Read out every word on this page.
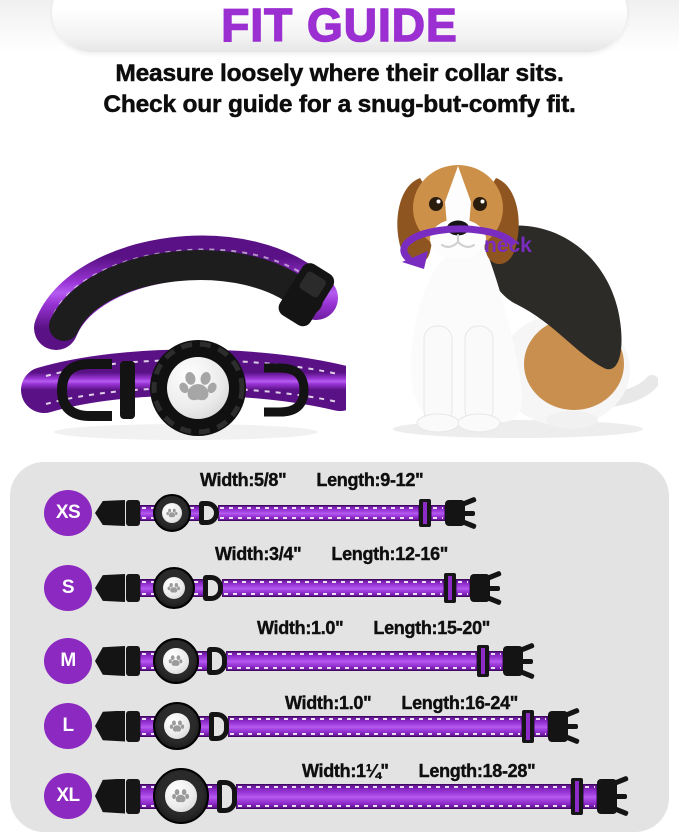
FIT GUIDE
Measure loosely where their collar sits.
Check our guide for a snug-but-comfy fit.
neck
XS
Width:5/8" Length:9-12"
S
Width:3/4" Length:12-16"
M
Width:1.0" Length:15-20"
L
Width:1.0" Length:16-24"
XL
Width:1¼" Length:18-28"
